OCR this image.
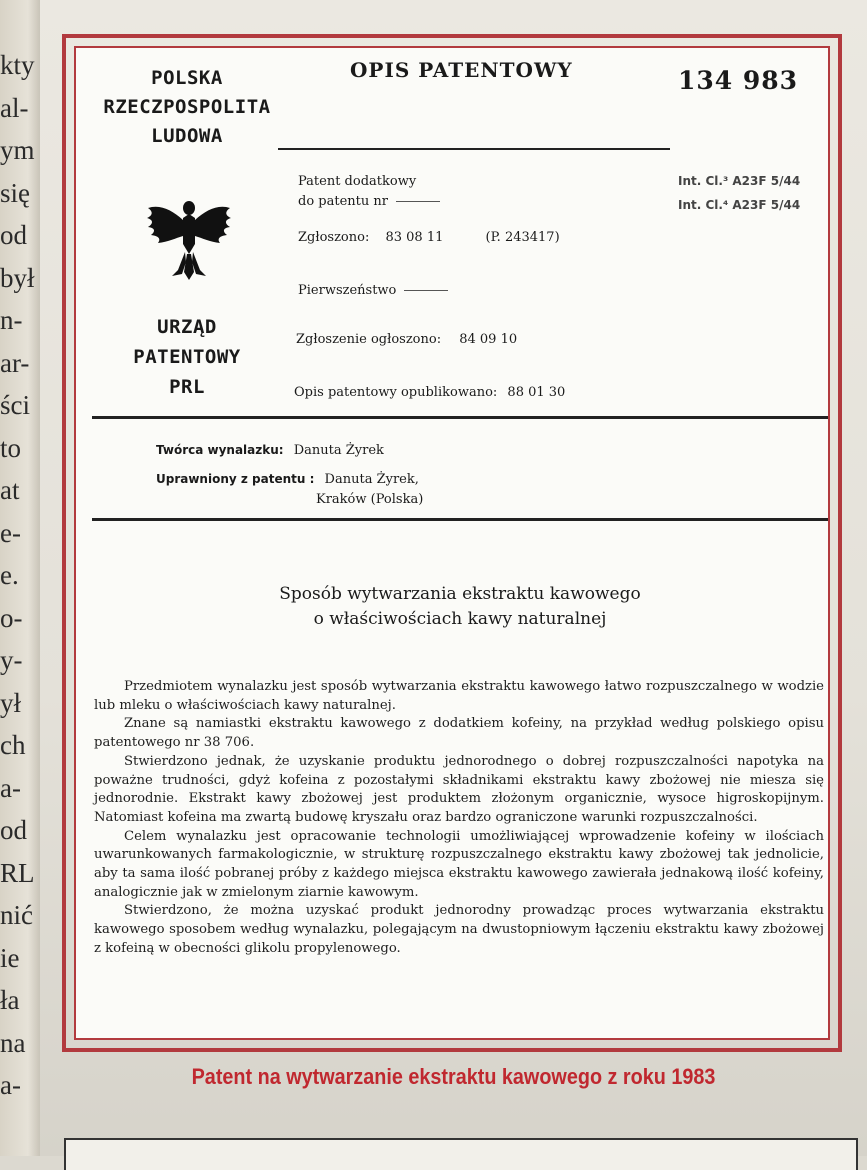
kty
al-
ym
się
od
był
n-
ar-
ści
to
at
e-
e.
o-
y-
ył
ch
a-
od
RL
nić
ie
ła
na
a-
POLSKA
RZECZPOSPOLITA
LUDOWA
OPIS PATENTOWY	134 983
URZĄD
PATENTOWY
PRL
Patent dodatkowy
do patentu nr
Int. Cl.³ A23F 5/44
Int. Cl.⁴ A23F 5/44
Zgłoszono: 83 08 11	(P. 243417)
Pierwszeństwo
Zgłoszenie ogłoszono: 84 09 10
Opis patentowy opublikowano: 88 01 30
Twórca wynalazku: Danuta Żyrek
Uprawniony z patentu : Danuta Żyrek,
Kraków (Polska)
Sposób wytwarzania ekstraktu kawowego
o właściwościach kawy naturalnej

Przedmiotem wynalazku jest sposób wytwarzania ekstraktu kawowego łatwo rozpuszczalnego w wodzie lub mleku o właściwościach kawy naturalnej.

Znane są namiastki ekstraktu kawowego z dodatkiem kofeiny, na przykład według polskiego opisu patentowego nr 38 706.

Stwierdzono jednak, że uzyskanie produktu jednorodnego o dobrej rozpuszczalności napotyka na poważne trudności, gdyż kofeina z pozostałymi składnikami ekstraktu kawy zbożowej nie miesza się jednorodnie. Ekstrakt kawy zbożowej jest produktem złożonym organicznie, wysoce higroskopijnym. Natomiast kofeina ma zwartą budowę kryszału oraz bardzo ograniczone warunki rozpuszczalności.

Celem wynalazku jest opracowanie technologii umożliwiającej wprowadzenie kofeiny w ilościach uwarunkowanych farmakologicznie, w strukturę rozpuszczalnego ekstraktu kawy zbożowej tak jednolicie, aby ta sama ilość pobranej próby z każdego miejsca ekstraktu kawowego zawierała jednakową ilość kofeiny, analogicznie jak w zmielonym ziarnie kawowym.

Stwierdzono, że można uzyskać produkt jednorodny prowadząc proces wytwarzania ekstraktu kawowego sposobem według wynalazku, polegającym na dwustopniowym łączeniu ekstraktu kawy zbożowej z kofeiną w obecności glikolu propylenowego.

Patent na wytwarzanie ekstraktu kawowego z roku 1983
